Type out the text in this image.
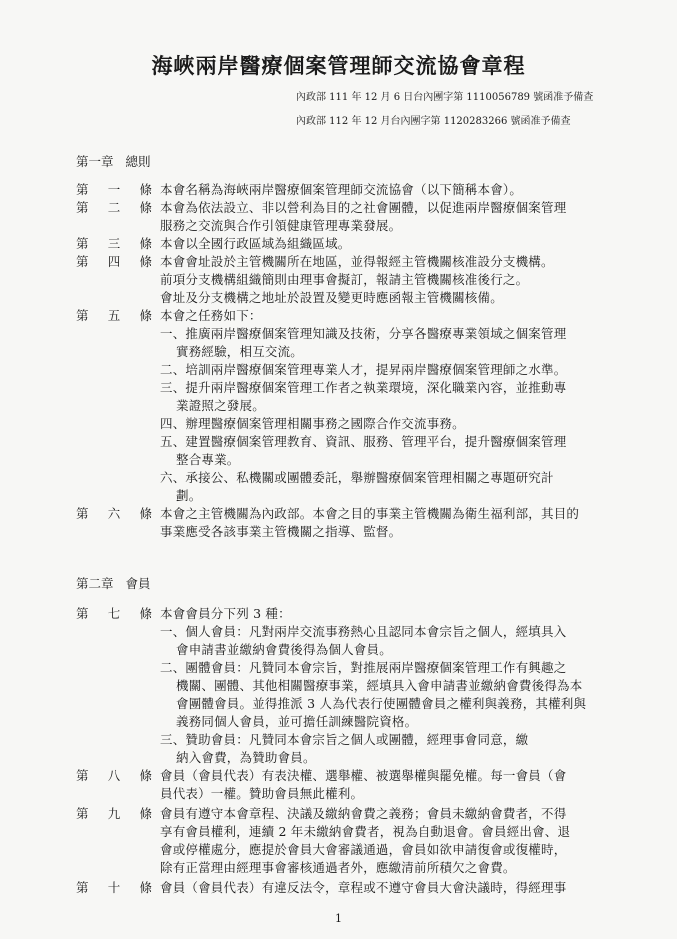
海峽兩岸醫療個案管理師交流協會章程
內政部 111 年 12 月 6 日台內團字第 1110056789 號函准予備查
內政部 112 年 12 月台內團字第 1120283266 號函准予備查
第一章 總則
第 一 條 本會名稱為海峽兩岸醫療個案管理師交流協會（以下簡稱本會）。
第 二 條 本會為依法設立、非以營利為目的之社會團體，以促進兩岸醫療個案管理
服務之交流與合作引領健康管理專業發展。
第 三 條 本會以全國行政區域為組織區域。
第 四 條 本會會址設於主管機關所在地區，並得報經主管機關核准設分支機構。
前項分支機構組織簡則由理事會擬訂，報請主管機關核准後行之。
會址及分支機構之地址於設置及變更時應函報主管機關核備。
第 五 條 本會之任務如下：
一、推廣兩岸醫療個案管理知識及技術，分享各醫療專業領域之個案管理
實務經驗，相互交流。
二、培訓兩岸醫療個案管理專業人才，提昇兩岸醫療個案管理師之水準。
三、提升兩岸醫療個案管理工作者之執業環境，深化職業內容，並推動專
業證照之發展。
四、辦理醫療個案管理相關事務之國際合作交流事務。
五、建置醫療個案管理教育、資訊、服務、管理平台，提升醫療個案管理
整合專業。
六、承接公、私機關或團體委託，舉辦醫療個案管理相關之專題研究計
劃。
第 六 條 本會之主管機關為內政部。本會之目的事業主管機關為衛生福利部，其目的
事業應受各該事業主管機關之指導、監督。
第二章 會員
第 七 條 本會會員分下列 3 種：
一、個人會員：凡對兩岸交流事務熱心且認同本會宗旨之個人，經填具入
會申請書並繳納會費後得為個人會員。
二、團體會員：凡贊同本會宗旨，對推展兩岸醫療個案管理工作有興趣之
機關、團體、其他相關醫療事業，經填具入會申請書並繳納會費後得為本
會團體會員。並得推派 3 人為代表行使團體會員之權利與義務，其權利與
義務同個人會員，並可擔任訓練醫院資格。
三、贊助會員：凡贊同本會宗旨之個人或團體，經理事會同意，繳
納入會費，為贊助會員。
第 八 條 會員（會員代表）有表決權、選舉權、被選舉權與罷免權。每一會員（會
員代表）一權。贊助會員無此權利。
第 九 條 會員有遵守本會章程、決議及繳納會費之義務；會員未繳納會費者，不得
享有會員權利，連續 2 年未繳納會費者，視為自動退會。會員經出會、退
會或停權處分，應提於會員大會審議通過，會員如欲申請復會或復權時，
除有正當理由經理事會審核通過者外，應繳清前所積欠之會費。
第 十 條 會員（會員代表）有違反法令，章程或不遵守會員大會決議時，得經理事
1
